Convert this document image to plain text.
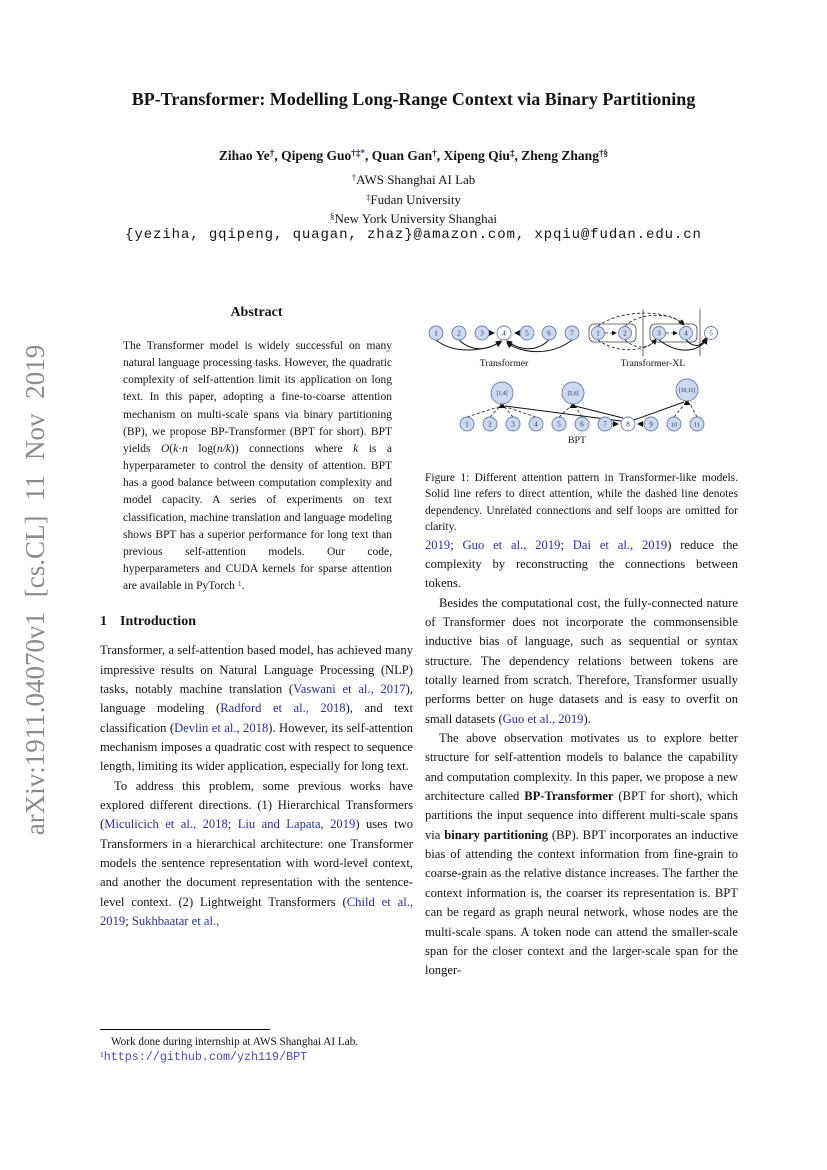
arXiv:1911.04070v1 [cs.CL] 11 Nov 2019
BP-Transformer: Modelling Long-Range Context via Binary Partitioning
Zihao Ye†, Qipeng Guo†‡*, Quan Gan†, Xipeng Qiu‡, Zheng Zhang†§
†AWS Shanghai AI Lab
‡Fudan University
§New York University Shanghai
{yeziha, gqipeng, quagan, zhaz}@amazon.com, xpqiu@fudan.edu.cn
Abstract
The Transformer model is widely successful on many natural language processing tasks. However, the quadratic complexity of self-attention limit its application on long text. In this paper, adopting a fine-to-coarse attention mechanism on multi-scale spans via binary partitioning (BP), we propose BP-Transformer (BPT for short). BPT yields O(k·n log(n/k)) connections where k is a hyperparameter to control the density of attention. BPT has a good balance between computation complexity and model capacity. A series of experiments on text classification, machine translation and language modeling shows BPT has a superior performance for long text than previous self-attention models. Our code, hyperparameters and CUDA kernels for sparse attention are available in PyTorch $^1$.
1 Introduction

Transformer, a self-attention based model, has achieved many impressive results on Natural Language Processing (NLP) tasks, notably machine translation (Vaswani et al., 2017), language modeling (Radford et al., 2018), and text classification (Devlin et al., 2018). However, its self-attention mechanism imposes a quadratic cost with respect to sequence length, limiting its wider application, especially for long text.

To address this problem, some previous works have explored different directions. (1) Hierarchical Transformers (Miculicich et al., 2018; Liu and Lapata, 2019) uses two Transformers in a hierarchical architecture: one Transformer models the sentence representation with word-level context, and another the document representation with the sentence-level context. (2) Lightweight Transformers (Child et al., 2019; Sukhbaatar et al.,

Work done during internship at AWS Shanghai AI Lab.

$^1$https://github.com/yzh119/BPT
1	2	3	4	5	6	7
Transformer
1	2	3	4	5
Transformer-XL
[1,4]	[5,6]	[10,11]
1	2	3	4	5	6	7	8	9	10	11
BPT

Figure 1: Different attention pattern in Transformer-like models. Solid line refers to direct attention, while the dashed line denotes dependency. Unrelated connections and self loops are omitted for clarity.

2019; Guo et al., 2019; Dai et al., 2019) reduce the complexity by reconstructing the connections between tokens.

Besides the computational cost, the fully-connected nature of Transformer does not incorporate the commonsensible inductive bias of language, such as sequential or syntax structure. The dependency relations between tokens are totally learned from scratch. Therefore, Transformer usually performs better on huge datasets and is easy to overfit on small datasets (Guo et al., 2019).

The above observation motivates us to explore better structure for self-attention models to balance the capability and computation complexity. In this paper, we propose a new architecture called BP-Transformer (BPT for short), which partitions the input sequence into different multi-scale spans via binary partitioning (BP). BPT incorporates an inductive bias of attending the context information from fine-grain to coarse-grain as the relative distance increases. The farther the context information is, the coarser its representation is. BPT can be regard as graph neural network, whose nodes are the multi-scale spans. A token node can attend the smaller-scale span for the closer context and the larger-scale span for the longer-
